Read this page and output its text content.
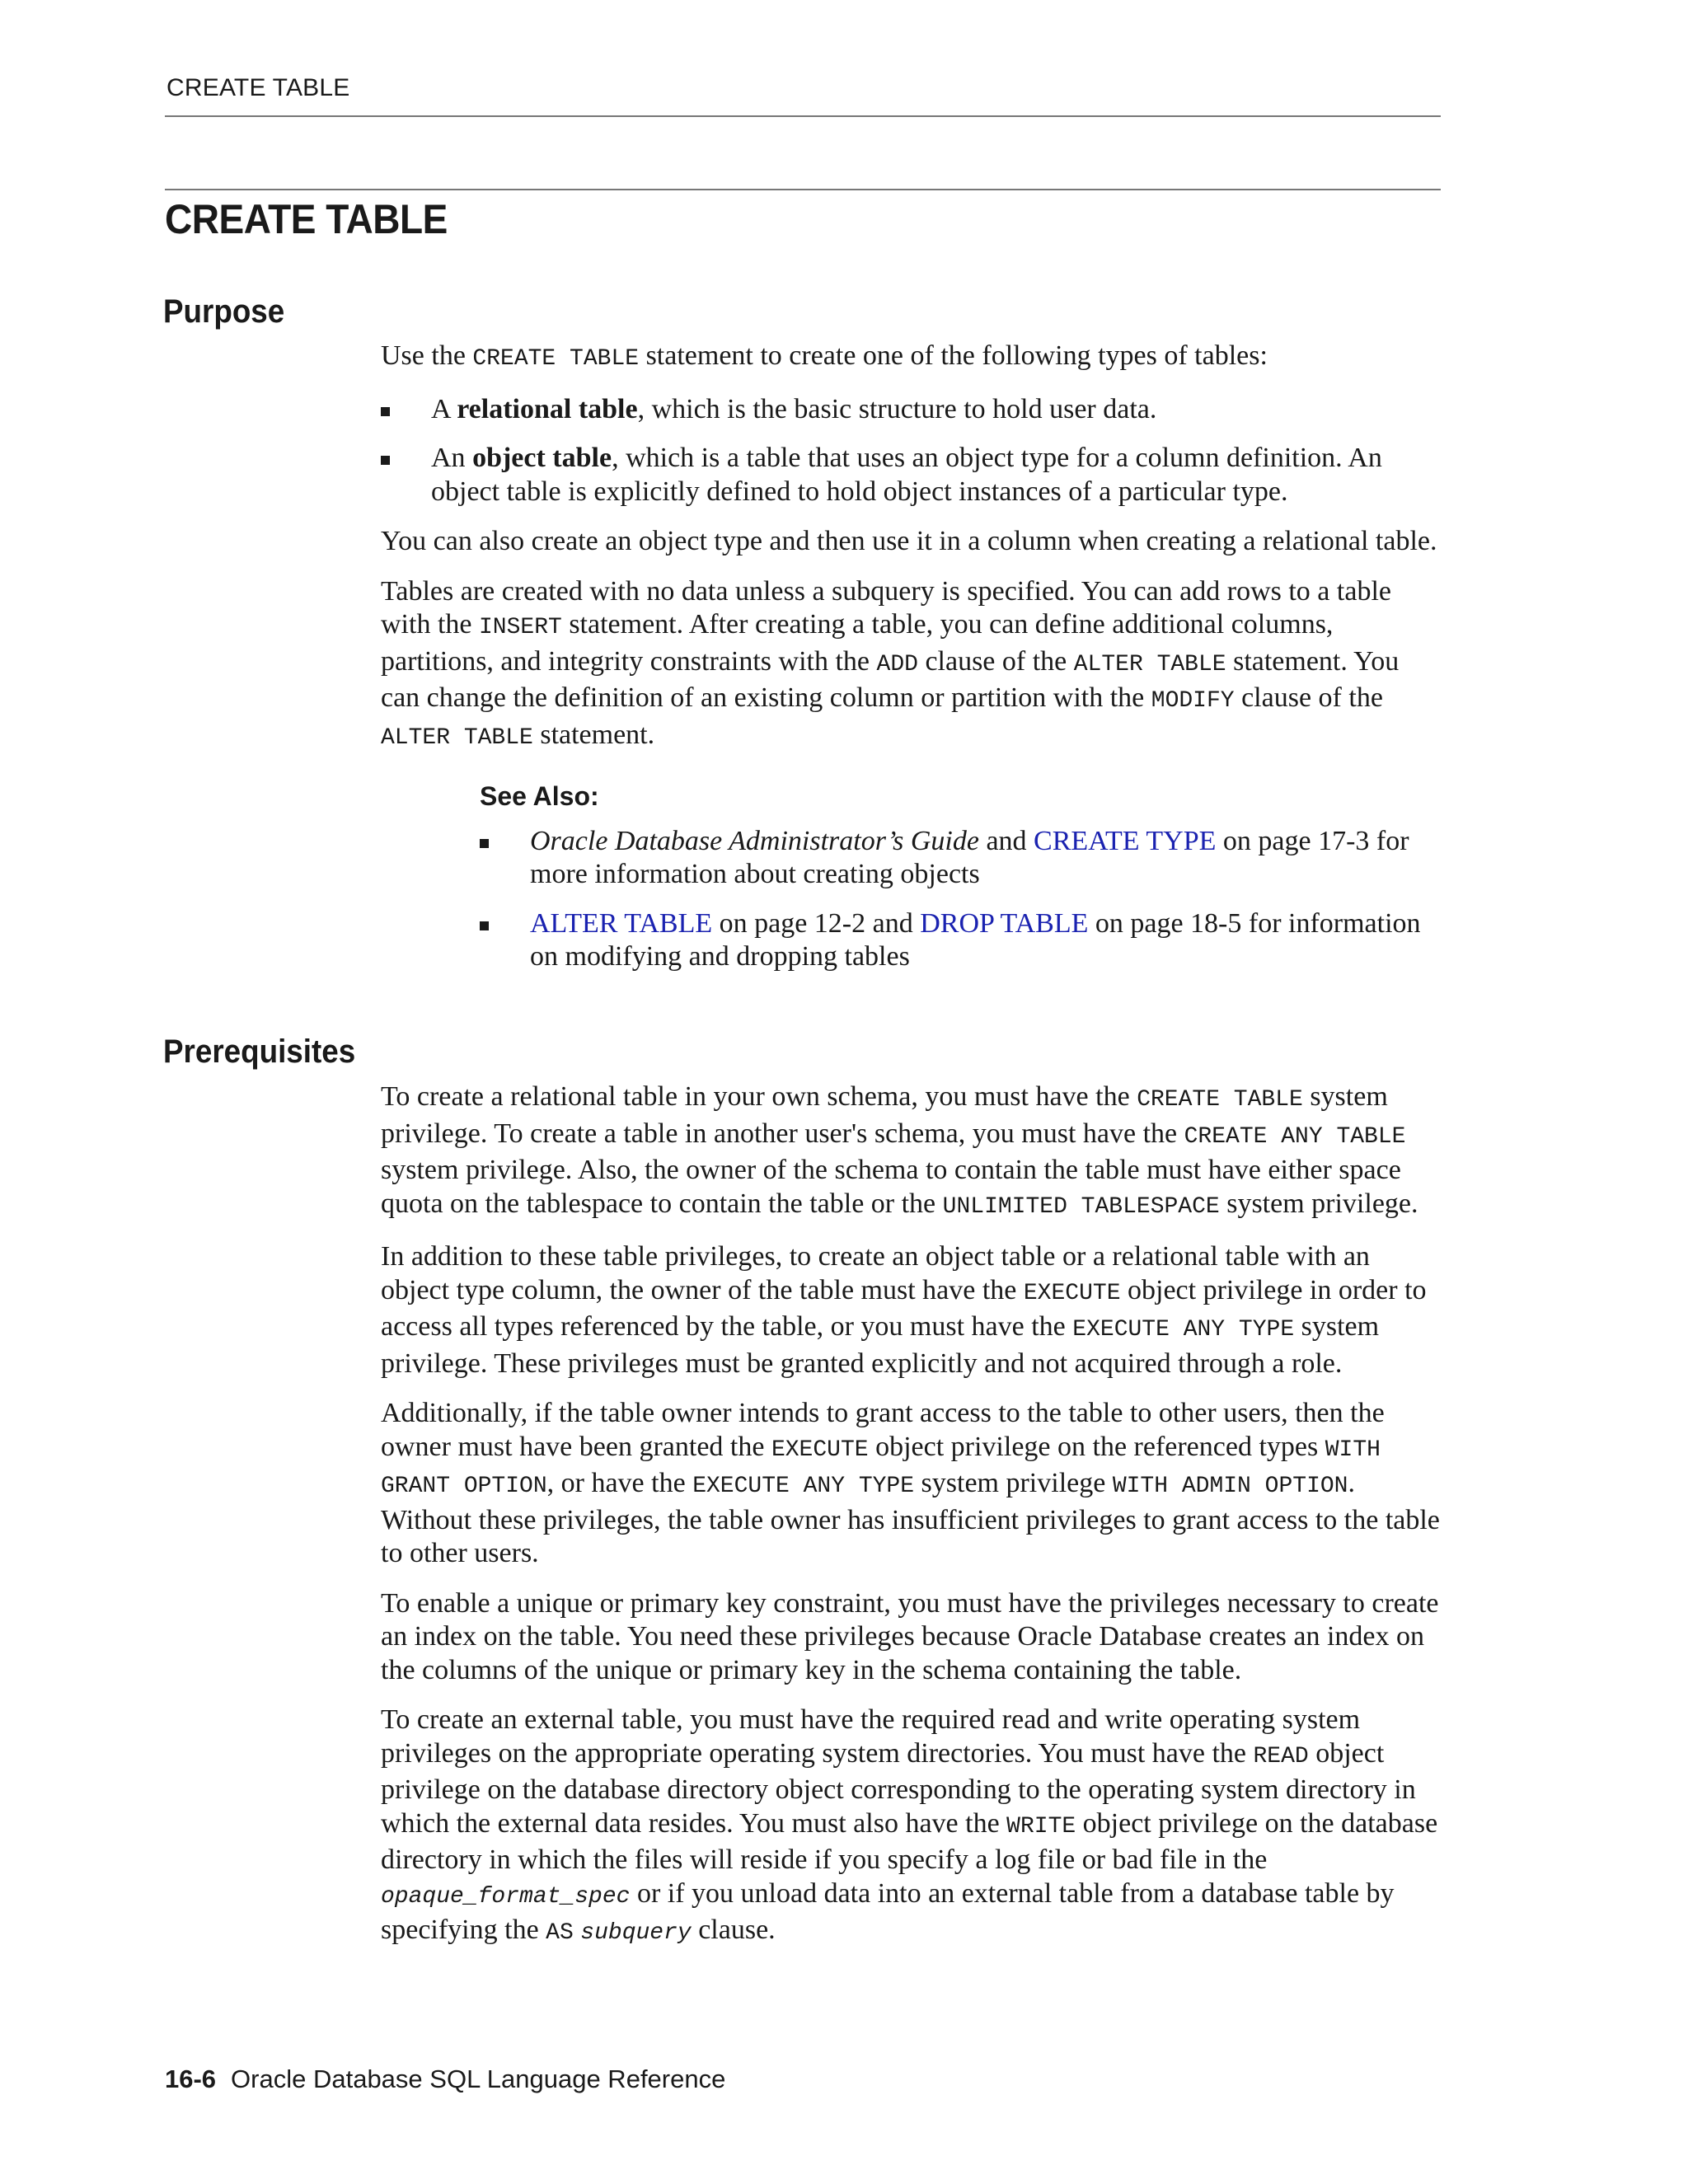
CREATE TABLE
CREATE TABLE
Purpose

Use the CREATE TABLE statement to create one of the following types of tables:

A relational table, which is the basic structure to hold user data.
An object table, which is a table that uses an object type for a column definition. An object table is explicitly defined to hold object instances of a particular type.

You can also create an object type and then use it in a column when creating a relational table.

Tables are created with no data unless a subquery is specified. You can add rows to a table with the INSERT statement. After creating a table, you can define additional columns, partitions, and integrity constraints with the ADD clause of the ALTER TABLE statement. You can change the definition of an existing column or partition with the MODIFY clause of the ALTER TABLE statement.

See Also:
Oracle Database Administrator’s Guide and CREATE TYPE on page 17-3 for more information about creating objects
ALTER TABLE on page 12-2 and DROP TABLE on page 18-5 for information on modifying and dropping tables
Prerequisites

To create a relational table in your own schema, you must have the CREATE TABLE system privilege. To create a table in another user's schema, you must have the CREATE ANY TABLE system privilege. Also, the owner of the schema to contain the table must have either space quota on the tablespace to contain the table or the UNLIMITED TABLESPACE system privilege.

In addition to these table privileges, to create an object table or a relational table with an object type column, the owner of the table must have the EXECUTE object privilege in order to access all types referenced by the table, or you must have the EXECUTE ANY TYPE system privilege. These privileges must be granted explicitly and not acquired through a role.

Additionally, if the table owner intends to grant access to the table to other users, then the owner must have been granted the EXECUTE object privilege on the referenced types WITH GRANT OPTION, or have the EXECUTE ANY TYPE system privilege WITH ADMIN OPTION. Without these privileges, the table owner has insufficient privileges to grant access to the table to other users.

To enable a unique or primary key constraint, you must have the privileges necessary to create an index on the table. You need these privileges because Oracle Database creates an index on the columns of the unique or primary key in the schema containing the table.

To create an external table, you must have the required read and write operating system privileges on the appropriate operating system directories. You must have the READ object privilege on the database directory object corresponding to the operating system directory in which the external data resides. You must also have the WRITE object privilege on the database directory in which the files will reside if you specify a log file or bad file in the opaque_format_spec or if you unload data into an external table from a database table by specifying the AS subquery clause.

16-6 Oracle Database SQL Language Reference
